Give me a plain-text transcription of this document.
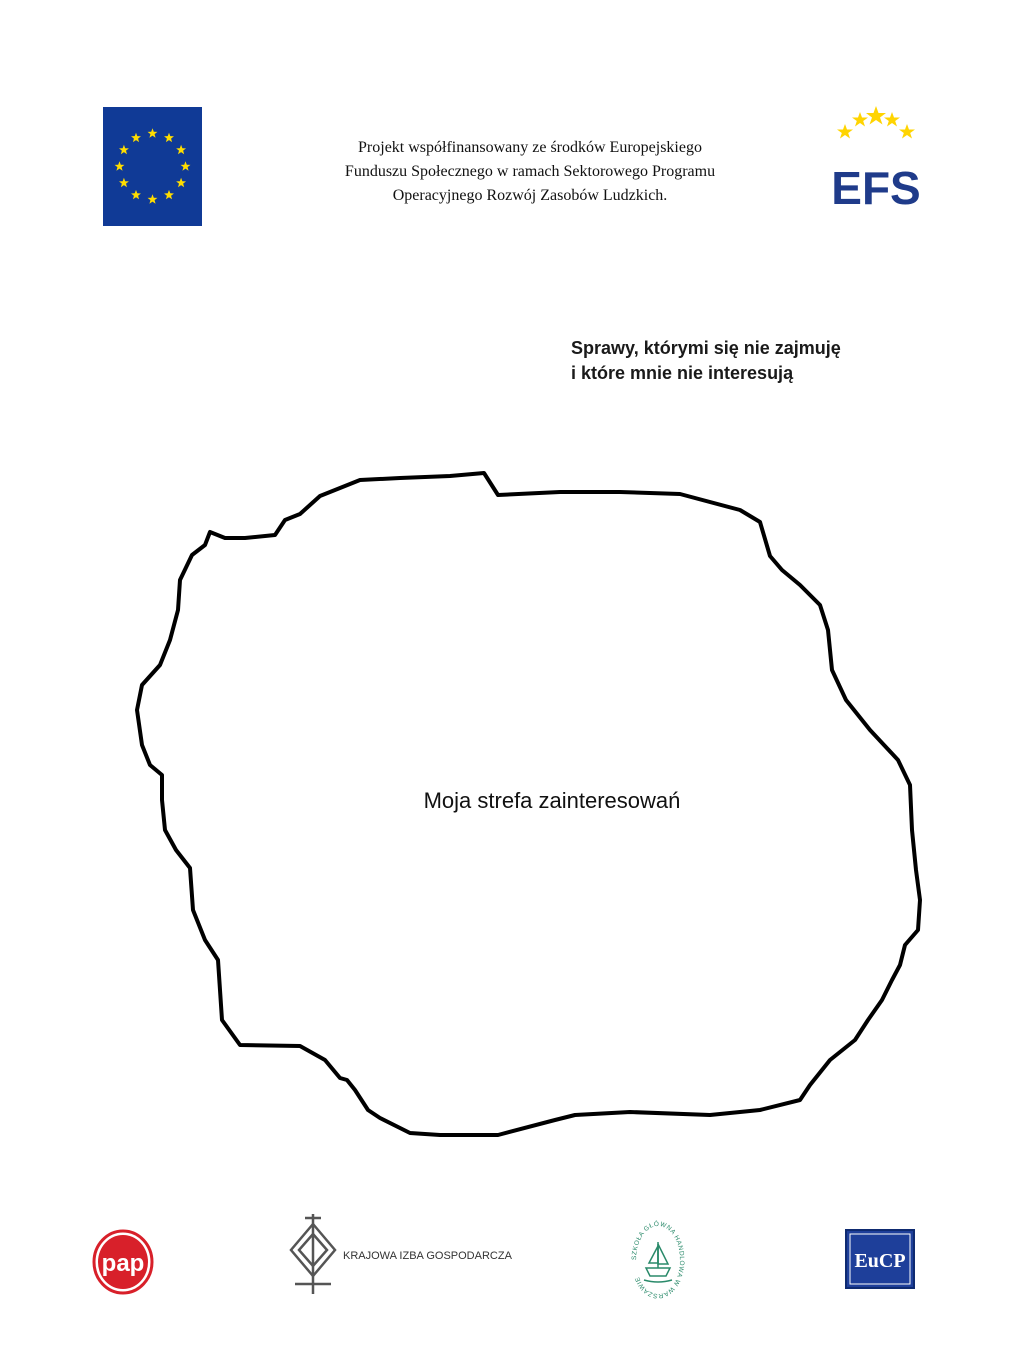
Projekt współfinansowany ze środków Europejskiego
Funduszu Społecznego w ramach Sektorowego Programu
Operacyjnego Rozwój Zasobów Ludzkich.	EFS
Sprawy, którymi się nie zajmuję
i które mnie nie interesują
Moja strefa zainteresowań
pap	KRAJOWA IZBA GOSPODARCZA	SZKOŁA GŁÓWNA HANDLOWA W WARSZAWIE
EuCP
